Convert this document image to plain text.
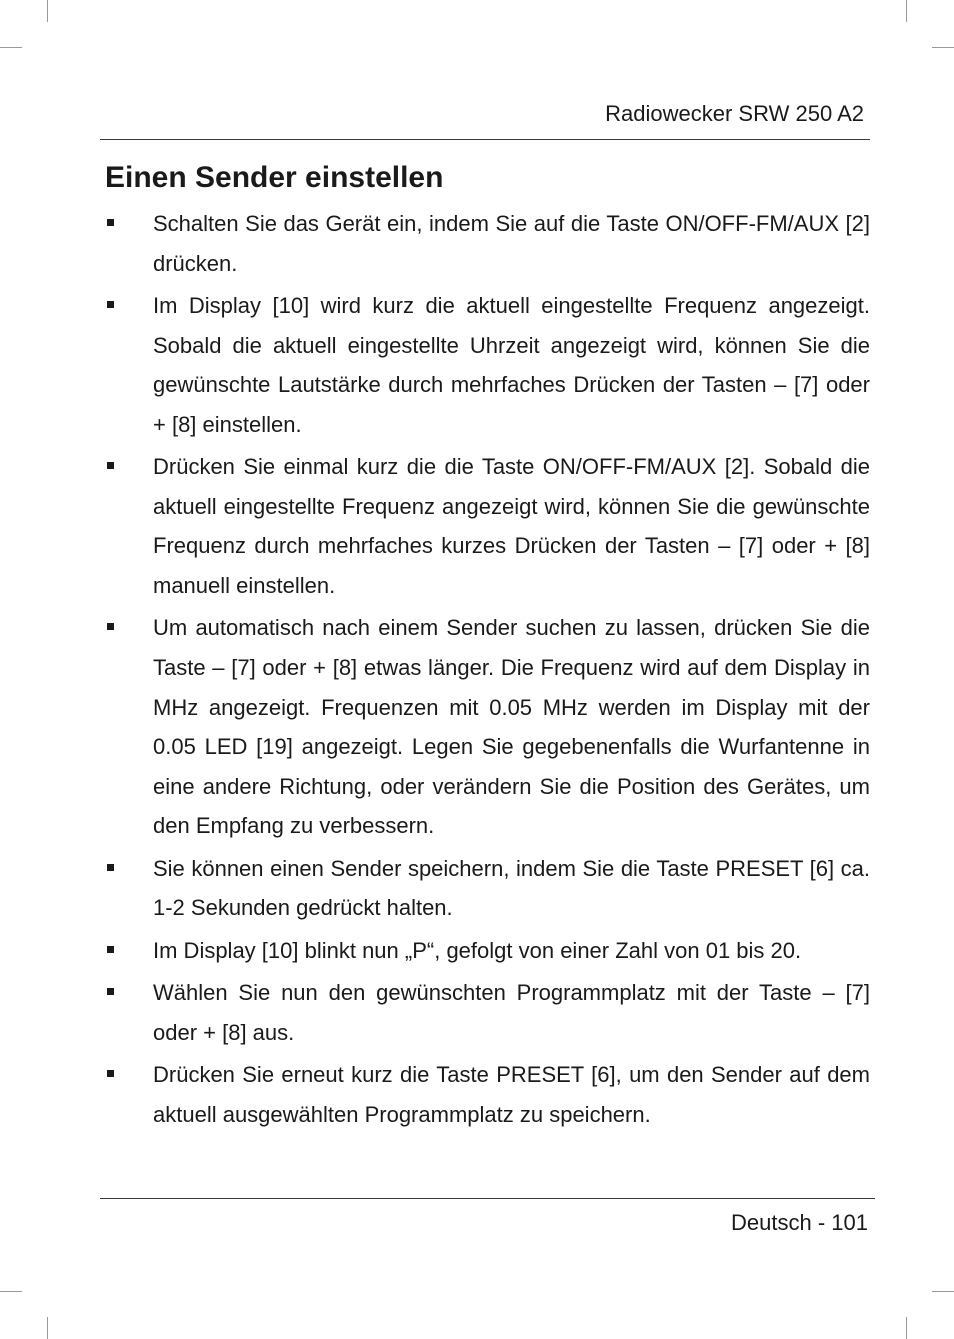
Radiowecker SRW 250 A2
Einen Sender einstellen
Schalten Sie das Gerät ein, indem Sie auf die Taste ON/OFF-FM/AUX [2] drücken.
Im Display [10] wird kurz die aktuell eingestellte Frequenz angezeigt. Sobald die aktuell eingestellte Uhrzeit angezeigt wird, können Sie die gewünschte Lautstärke durch mehrfaches Drücken der Tasten – [7] oder + [8] einstellen.
Drücken Sie einmal kurz die die Taste ON/OFF-FM/AUX [2]. Sobald die aktuell eingestellte Frequenz angezeigt wird, können Sie die gewünschte Frequenz durch mehrfaches kurzes Drücken der Tasten – [7] oder + [8] manuell einstellen.
Um automatisch nach einem Sender suchen zu lassen, drücken Sie die Taste – [7] oder + [8] etwas länger. Die Frequenz wird auf dem Display in MHz angezeigt. Frequenzen mit 0.05 MHz werden im Display mit der 0.05 LED [19] angezeigt. Legen Sie gegebenenfalls die Wurfantenne in eine andere Richtung, oder verändern Sie die Position des Gerätes, um den Empfang zu verbessern.
Sie können einen Sender speichern, indem Sie die Taste PRESET [6] ca. 1-2 Sekunden gedrückt halten.
Im Display [10] blinkt nun „P“, gefolgt von einer Zahl von 01 bis 20.
Wählen Sie nun den gewünschten Programmplatz mit der Taste – [7] oder + [8] aus.
Drücken Sie erneut kurz die Taste PRESET [6], um den Sender auf dem aktuell ausgewählten Programmplatz zu speichern.
Deutsch - 101
